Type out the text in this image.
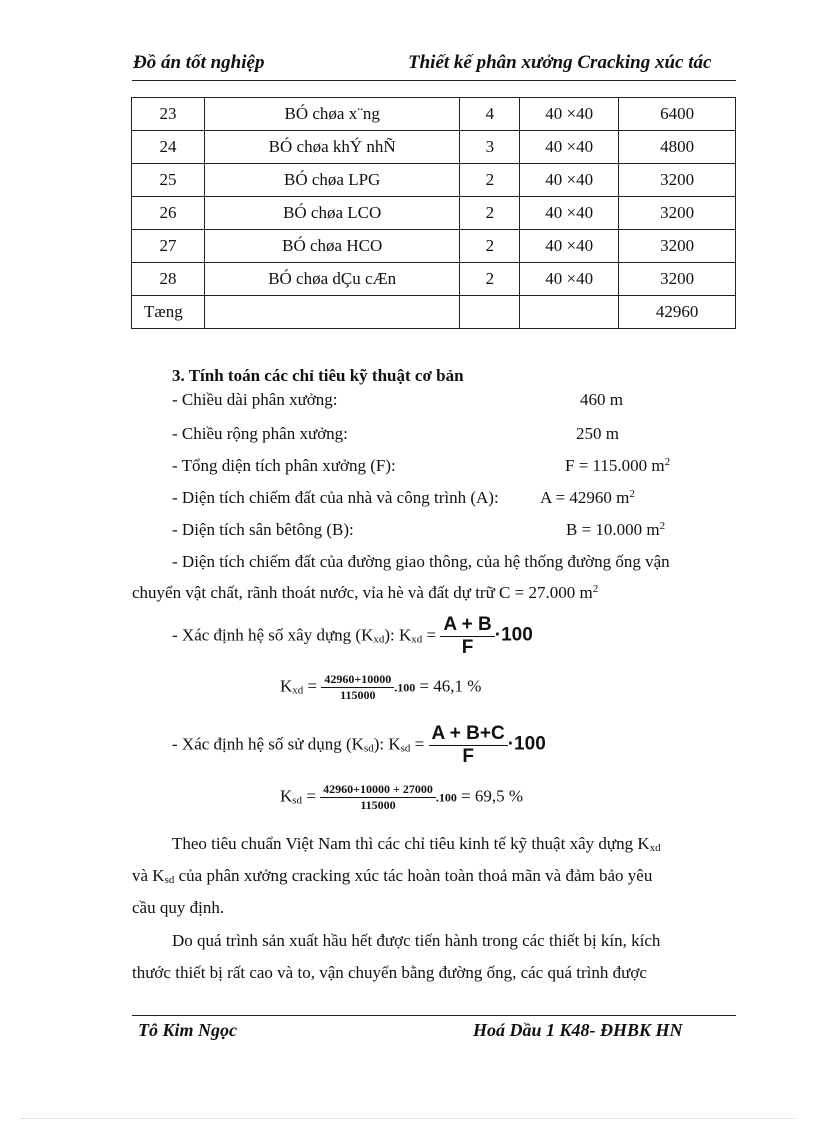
Đồ án tốt nghiệp	Thiết kế phân xưởng Cracking xúc tác
23	BÓ chøa x¨ng	4	40 ×40	6400
24	BÓ chøa khÝ nhÑ	3	40 ×40	4800
25	BÓ chøa LPG	2	40 ×40	3200
26	BÓ chøa LCO	2	40 ×40	3200
27	BÓ chøa HCO	2	40 ×40	3200
28	BÓ chøa dÇu cÆn	2	40 ×40	3200
Tæng				42960
3. Tính toán các chỉ tiêu kỹ thuật cơ bản
- Chiều dài phân xưởng:	460 m
- Chiều rộng phân xưởng:	250 m
- Tổng diện tích phân xưởng (F):	F = 115.000 $m^2$
- Diện tích chiếm đất của nhà và công trình (A): A = 42960 $m^2$
- Diện tích sân bêtông (B):	B = 10.000 $m^2$
- Diện tích chiếm đất của đường giao thông, của hệ thống đường ống vận
chuyển vật chất, rãnh thoát nước, vỉa hè và đất dự trữ C = 27.000 $m^2$
- Xác định hệ số xây dựng $(K_{xd})$: $K_{xd} = \frac{A + B}{F} \cdot 100$
$K_{xd} = \frac{42960+10000}{115000} .100 = 46,1$ %
- Xác định hệ số sử dụng $(K_{sd})$: $K_{sd} = \frac{A + B+C}{F} \cdot 100$
$K_{sd} = \frac{42960+10000 + 27000}{115000} .100 = 69,5$ %
Theo tiêu chuẩn Việt Nam thì các chỉ tiêu kinh tế kỹ thuật xây dựng $K_{xd}$
và $K_{sd}$ của phân xưởng cracking xúc tác hoàn toàn thoả mãn và đảm bảo yêu
cầu quy định.
Do quá trình sản xuất hầu hết được tiến hành trong các thiết bị kín, kích
thước thiết bị rất cao và to, vận chuyển bằng đường ống, các quá trình được
Tô Kim Ngọc	Hoá Dầu 1 K48- ĐHBK HN
